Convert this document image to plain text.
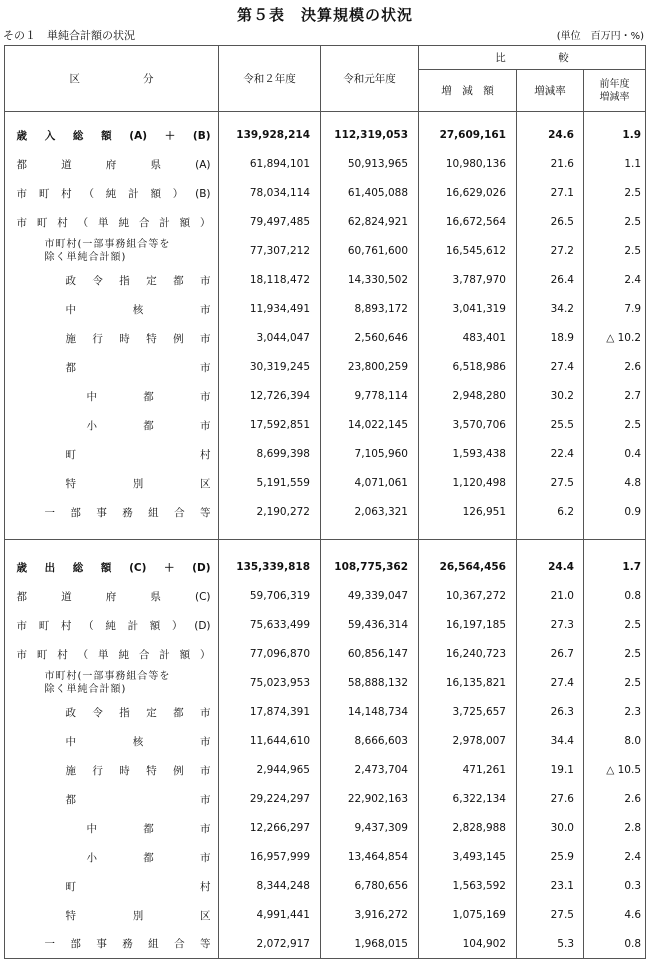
第５表　決算規模の状況
その１　単純合計額の状況	(単位　百万円・%)
区　　　　　　分		令和２年度	令和元年度	比　　　　　較		

				増　減　額	増減率	前年度
増減率

	歳　入　総　額　(A)　＋　(B)	139,928,214	112,319,053	27,609,161	24.6	1.9

	都　道　府　県　(A)	61,894,101	50,913,965	10,980,136	21.6	1.1

	市町村（純計額）(B)	78,034,114	61,405,088	16,629,026	27.1	2.5

	市町村（単純合計額）	79,497,485	62,824,921	16,672,564	26.5	2.5

	市町村(一部事務組合等を
除く単純合計額)	77,307,212	60,761,600	16,545,612	27.2	2.5

	政令指定都市	18,118,472	14,330,502	3,787,970	26.4	2.4

	中　　核　　市	11,934,491	8,893,172	3,041,319	34.2	7.9

	施行時特例市	3,044,047	2,560,646	483,401	18.9	△ 10.2

	都　　　　　市	30,319,245	23,800,259	6,518,986	27.4	2.6

	中　都　市	12,726,394	9,778,114	2,948,280	30.2	2.7

	小　都　市	17,592,851	14,022,145	3,570,706	25.5	2.5

	町　　　　　村	8,699,398	7,105,960	1,593,438	22.4	0.4

	特　　別　　区	5,191,559	4,071,061	1,120,498	27.5	4.8

	一部事務組合等	2,190,272	2,063,321	126,951	6.2	0.9

	歳　出　総　額　(C)　＋　(D)	135,339,818	108,775,362	26,564,456	24.4	1.7

	都　道　府　県　(C)	59,706,319	49,339,047	10,367,272	21.0	0.8

	市町村（純計額）(D)	75,633,499	59,436,314	16,197,185	27.3	2.5

	市町村（単純合計額）	77,096,870	60,856,147	16,240,723	26.7	2.5

	市町村(一部事務組合等を
除く単純合計額)	75,023,953	58,888,132	16,135,821	27.4	2.5

	政令指定都市	17,874,391	14,148,734	3,725,657	26.3	2.3

	中　　核　　市	11,644,610	8,666,603	2,978,007	34.4	8.0

	施行時特例市	2,944,965	2,473,704	471,261	19.1	△ 10.5

	都　　　　　市	29,224,297	22,902,163	6,322,134	27.6	2.6

	中　都　市	12,266,297	9,437,309	2,828,988	30.0	2.8

	小　都　市	16,957,999	13,464,854	3,493,145	25.9	2.4

	町　　　　　村	8,344,248	6,780,656	1,563,592	23.1	0.3

	特　　別　　区	4,991,441	3,916,272	1,075,169	27.5	4.6

	一部事務組合等	2,072,917	1,968,015	104,902	5.3	0.8
